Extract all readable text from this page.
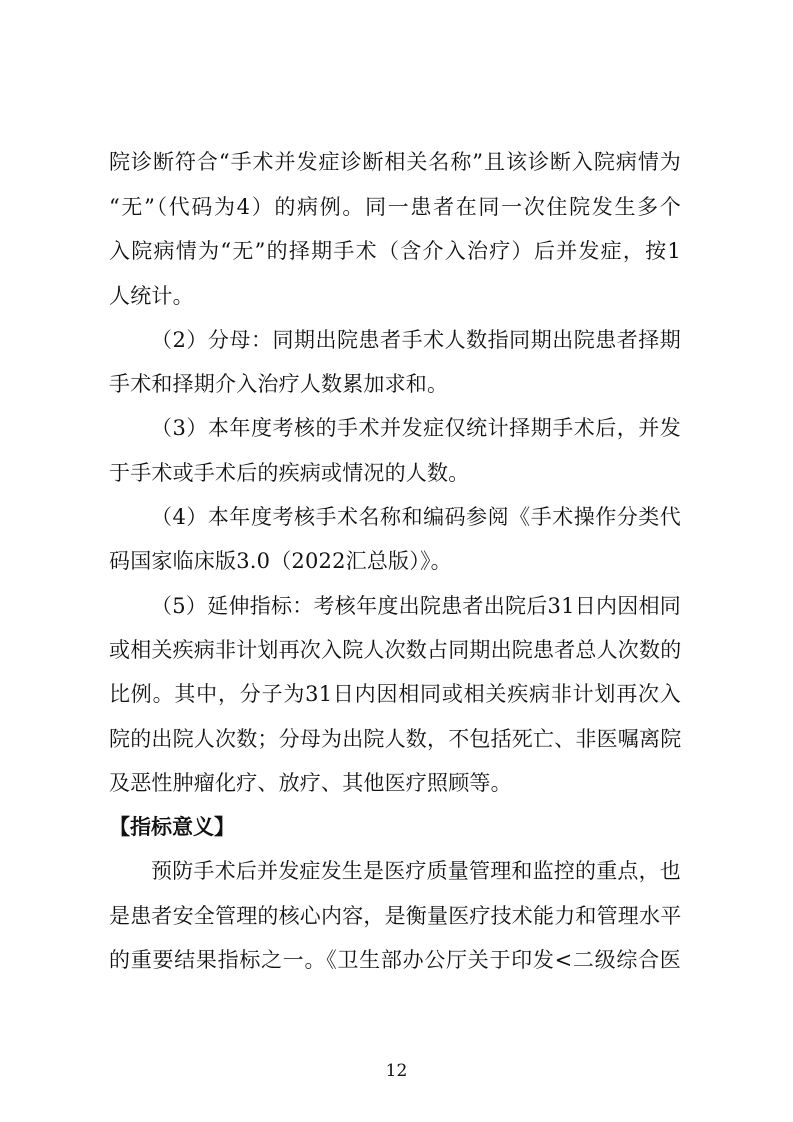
院诊断符合“手术并发症诊断相关名称”且该诊断入院病情为
“无”（代码为4）的病例。同一患者在同一次住院发生多个
入院病情为“无”的择期手术（含介入治疗）后并发症，按1
人统计。
（2）分母：同期出院患者手术人数指同期出院患者择期
手术和择期介入治疗人数累加求和。
（3）本年度考核的手术并发症仅统计择期手术后，并发
于手术或手术后的疾病或情况的人数。
（4）本年度考核手术名称和编码参阅《手术操作分类代
码国家临床版3.0（2022汇总版）》。
（5）延伸指标：考核年度出院患者出院后31日内因相同
或相关疾病非计划再次入院人次数占同期出院患者总人次数的
比例。其中，分子为31日内因相同或相关疾病非计划再次入
院的出院人次数；分母为出院人数，不包括死亡、非医嘱离院
及恶性肿瘤化疗、放疗、其他医疗照顾等。
【指标意义】
预防手术后并发症发生是医疗质量管理和监控的重点，也
是患者安全管理的核心内容，是衡量医疗技术能力和管理水平
的重要结果指标之一。《卫生部办公厅关于印发<二级综合医
12
